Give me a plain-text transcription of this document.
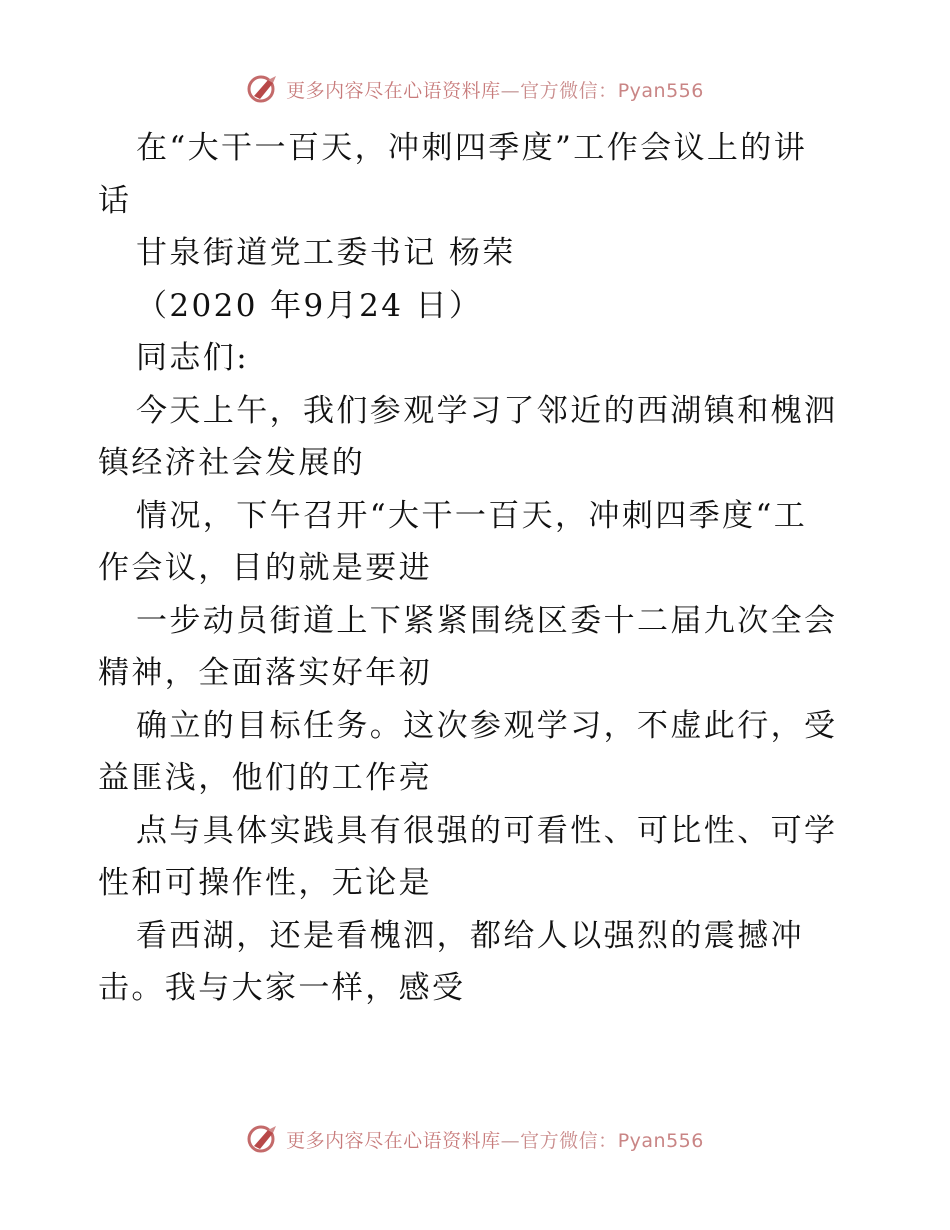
更多内容尽在心语资料库—官方微信：Pyan556
在“大干一百天，冲刺四季度”工作会议上的讲
话
甘泉街道党工委书记 杨荣
（2020 年9月24 日）
同志们:
今天上午，我们参观学习了邻近的西湖镇和槐泗
镇经济社会发展的
情况，下午召开“大干一百天，冲刺四季度“工
作会议，目的就是要进
一步动员街道上下紧紧围绕区委十二届九次全会
精神，全面落实好年初
确立的目标任务。这次参观学习，不虚此行，受
益匪浅，他们的工作亮
点与具体实践具有很强的可看性、可比性、可学
性和可操作性，无论是
看西湖，还是看槐泗，都给人以强烈的震撼冲
击。我与大家一样，感受
更多内容尽在心语资料库—官方微信：Pyan556
